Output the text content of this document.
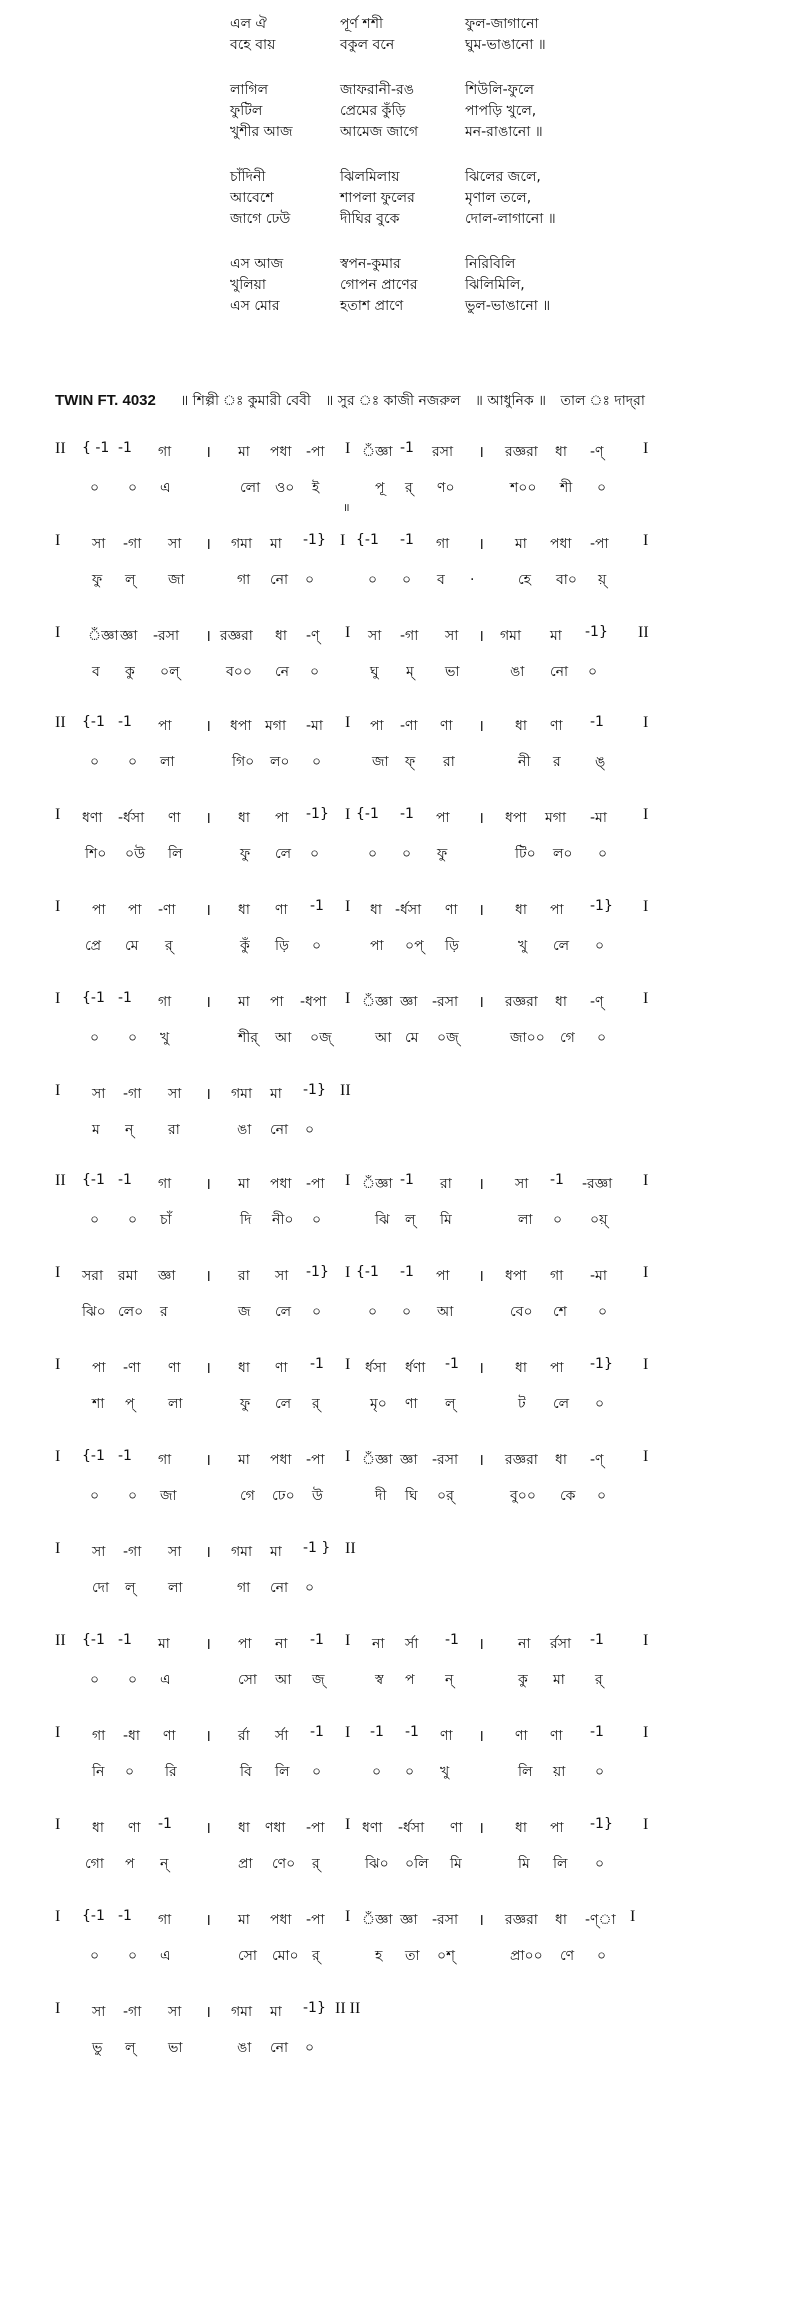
এল ঐ	পূর্ণ শশী	ফুল-জাগানো
বহে বায়	বকুল বনে	ঘুম-ভাঙানো ॥
লাগিল	জাফরানী-রঙ	শিউলি-ফুলে
ফুটিল	প্রেমের কুঁড়ি	পাপড়ি খুলে,
খুশীর আজ	আমেজ জাগে	মন-রাঙানো ॥
চাঁদিনী	ঝিলমিলায়	ঝিলের জলে,
আবেশে	শাপলা ফুলের	মৃণাল তলে,
জাগে ঢেউ	দীঘির বুকে	দোল-লাগানো ॥
এস আজ	স্বপন-কুমার	নিরিবিলি
খুলিয়া	গোপন প্রাণের	ঝিলিমিলি,
এস মোর	হতাশ প্রাণে	ভুল-ভাঙানো ॥
TWIN FT. 4032 ॥ শিল্পী ঃ কুমারী বেবী ॥ সুর ঃ কাজী নজরুল ॥ আধুনিক ॥ তাল ঃ দাদ্‌রা
II { -1 -1 গা । মা পধা -পা I ঁজ্ঞা -1 রসা । রজ্ঞরা ধা -ণ্ I
০ ০ এ	লো ও০ ই	পূ র্ ণ০	শ০০ শী ০
॥
I সা -গা সা । গমা মা -1} I {-1 -1 গা । মা পধা -পা I
ফু ল্ জা	গা নো ০	০ ০ ব .	হে বা০ য়্
I ঁজ্ঞা জ্ঞা -রসা । রজ্ঞরা ধা -ণ্ I সা -গা সা । গমা মা -1} II
ব কু ০ল্	ব০০ নে ০	ঘু ম্ ভা	ঙা নো ০
II {-1 -1 পা । ধপা মগা -মা I পা -ণা ণা । ধা ণা -1 I
০ ০ লা	গি০ ল০ ০	জা ফ্ রা	নী র ঙ্
I ধণা -র্ধসা ণা । ধা পা -1} I {-1 -1 পা । ধপা মগা -মা I
শি০ ০উ লি	ফু লে ০	০ ০ ফু	টি০ ল০ ০
I পা পা -ণা । ধা ণা -1 I ধা -র্ধসা ণা । ধা পা -1} I
প্রে মে র্	কুঁ ড়ি ০	পা ০প্ ড়ি	খু লে ০
I {-1 -1 গা । মা পা -ধপা I ঁজ্ঞা জ্ঞা -রসা । রজ্ঞরা ধা -ণ্ I
০ ০ খু	শীর্ আ ০জ্	আ মে ০জ্	জা০০ গে ০
I সা -গা সা । গমা মা -1} II
ম ন্ রা	ঙা নো ০
II {-1 -1 গা । মা পধা -পা I ঁজ্ঞা -1 রা । সা -1 -রজ্ঞা I
০ ০ চাঁ	দি নী০ ০	ঝি ল্ মি	লা ০ ০য়্
I সরা রমা জ্ঞা । রা সা -1} I {-1 -1 পা । ধপা গা -মা I
ঝি০ লে০ র	জ লে ০	০ ০ আ	বে০ শে ০
I পা -ণা ণা । ধা ণা -1 I র্ধসা র্ধণা -1 । ধা পা -1} I
শা প্ লা	ফু লে র্	মৃ০ ণা ল্	ট লে ০
I {-1 -1 গা । মা পধা -পা I ঁজ্ঞা জ্ঞা -রসা । রজ্ঞরা ধা -ণ্ I
০ ০ জা	গে ঢে০ উ	দী ঘি ০র্	বু০০ কে ০
I সা -গা সা । গমা মা -1 } II
দো ল্ লা	গা নো ০
II {-1 -1 মা । পা না -1 I না র্সা -1 । না র্রসা -1 I
০ ০ এ	সো আ জ্	স্ব প ন্	কু মা র্
I গা -ধা ণা । র্রা র্সা -1 I -1 -1 ণা । ণা ণা -1 I
নি ০ রি	বি লি ০	০ ০ খু	লি য়া ০
I ধা ণা -1 । ধা ণধা -পা I ধণা -র্ধসা ণা । ধা পা -1} I
গো প ন্	প্রা ণে০ র্	ঝি০ ০লি মি	মি লি ০
I {-1 -1 গা । মা পধা -পা I ঁজ্ঞা জ্ঞা -রসা । রজ্ঞরা ধা -ণ্া I
০ ০ এ	সো মো০ র্	হ তা ০শ্	প্রা০০ ণে ০
I সা -গা সা । গমা মা -1} II II
ভু ল্ ভা	ঙা নো ০
